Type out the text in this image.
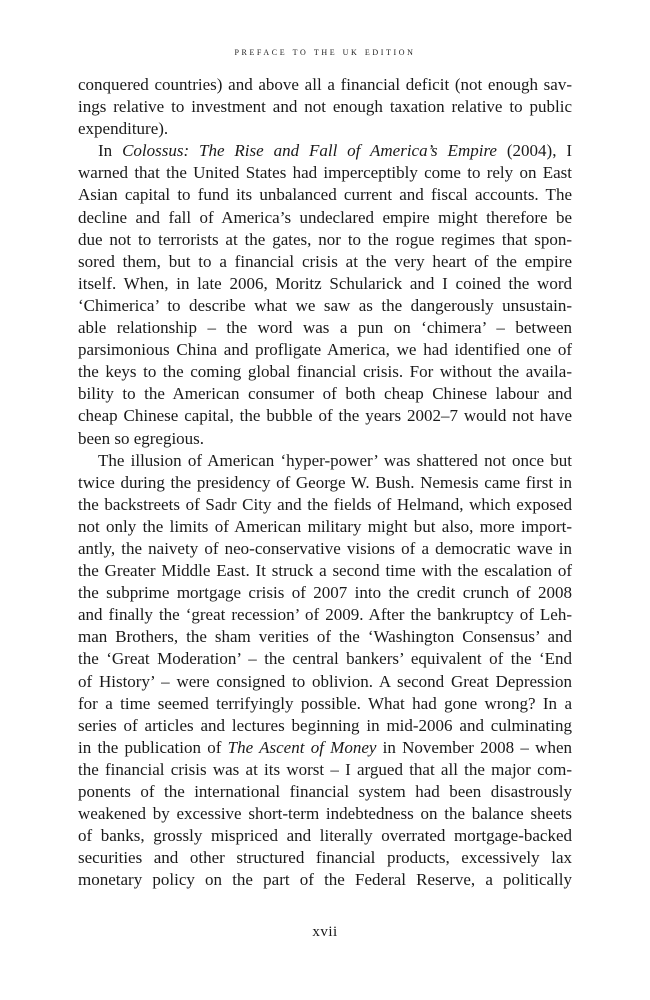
preface to the uk edition
conquered countries) and above all a financial deficit (not enough sav-
ings relative to investment and not enough taxation relative to public
expenditure).
In Colossus: The Rise and Fall of America’s Empire (2004), I
warned that the United States had imperceptibly come to rely on East
Asian capital to fund its unbalanced current and fiscal accounts. The
decline and fall of America’s undeclared empire might therefore be
due not to terrorists at the gates, nor to the rogue regimes that spon-
sored them, but to a financial crisis at the very heart of the empire
itself. When, in late 2006, Moritz Schularick and I coined the word
‘Chimerica’ to describe what we saw as the dangerously unsustain-
able relationship – the word was a pun on ‘chimera’ – between
parsimonious China and profligate America, we had identified one of
the keys to the coming global financial crisis. For without the availa-
bility to the American consumer of both cheap Chinese labour and
cheap Chinese capital, the bubble of the years 2002–7 would not have
been so egregious.
The illusion of American ‘hyper-power’ was shattered not once but
twice during the presidency of George W. Bush. Nemesis came first in
the backstreets of Sadr City and the fields of Helmand, which exposed
not only the limits of American military might but also, more import-
antly, the naivety of neo-conservative visions of a democratic wave in
the Greater Middle East. It struck a second time with the escalation of
the subprime mortgage crisis of 2007 into the credit crunch of 2008
and finally the ‘great recession’ of 2009. After the bankruptcy of Leh-
man Brothers, the sham verities of the ‘Washington Consensus’ and
the ‘Great Moderation’ – the central bankers’ equivalent of the ‘End
of History’ – were consigned to oblivion. A second Great Depression
for a time seemed terrifyingly possible. What had gone wrong? In a
series of articles and lectures beginning in mid-2006 and culminating
in the publication of The Ascent of Money in November 2008 – when
the financial crisis was at its worst – I argued that all the major com-
ponents of the international financial system had been disastrously
weakened by excessive short-term indebtedness on the balance sheets
of banks, grossly mispriced and literally overrated mortgage-backed
securities and other structured financial products, excessively lax
monetary policy on the part of the Federal Reserve, a politically
xvii
